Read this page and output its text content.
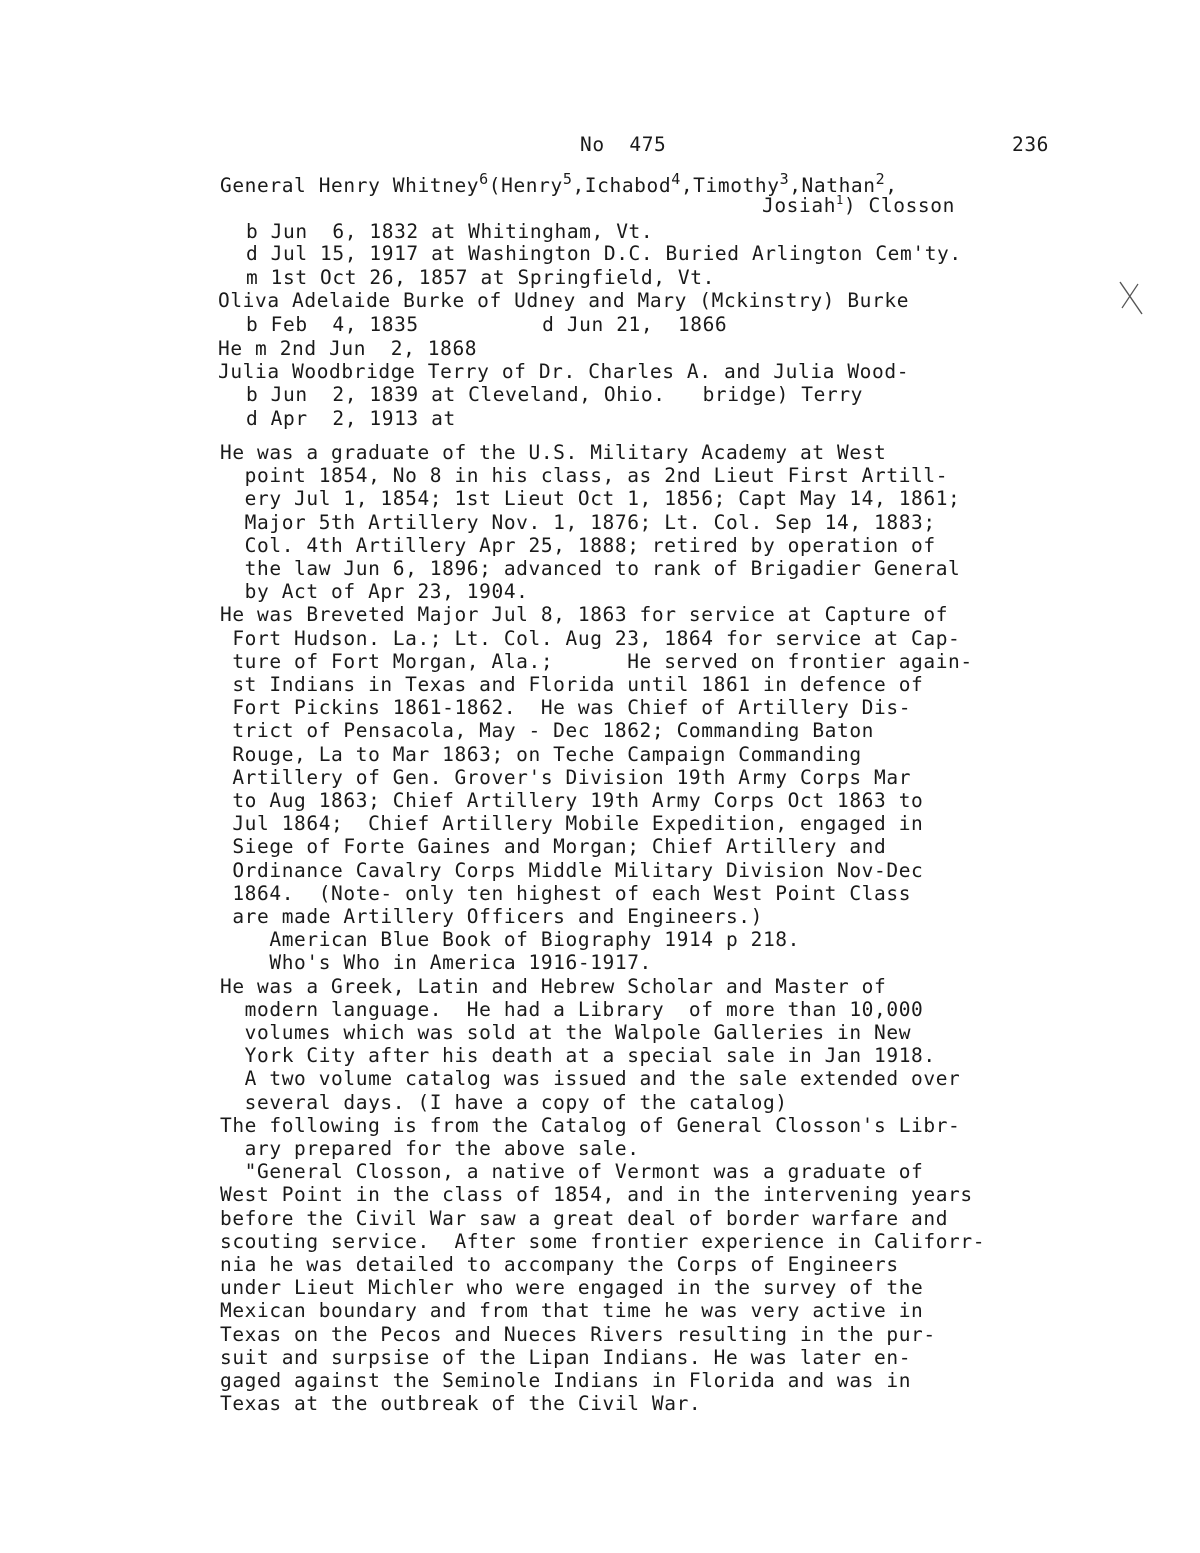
No  475	236
General Henry Whitney$^6$(Henry$^5$,Ichabod$^4$,Timothy$^3$,Nathan$^2$,
Josiah$^1$) Closson
b Jun  6, 1832 at Whitingham, Vt.
d Jul 15, 1917 at Washington D.C. Buried Arlington Cem'ty.
m 1st Oct 26, 1857 at Springfield, Vt.
Oliva Adelaide Burke of Udney and Mary (Mckinstry) Burke
b Feb  4, 1835          d Jun 21,  1866
He m 2nd Jun  2, 1868
Julia Woodbridge Terry of Dr. Charles A. and Julia Wood-
b Jun  2, 1839 at Cleveland, Ohio.   bridge) Terry
d Apr  2, 1913 at
He was a graduate of the U.S. Military Academy at West
point 1854, No 8 in his class, as 2nd Lieut First Artill-
ery Jul 1, 1854; 1st Lieut Oct 1, 1856; Capt May 14, 1861;
Major 5th Artillery Nov. 1, 1876; Lt. Col. Sep 14, 1883;
Col. 4th Artillery Apr 25, 1888; retired by operation of
the law Jun 6, 1896; advanced to rank of Brigadier General
by Act of Apr 23, 1904.
He was Breveted Major Jul 8, 1863 for service at Capture of
Fort Hudson. La.; Lt. Col. Aug 23, 1864 for service at Cap-
ture of Fort Morgan, Ala.;      He served on frontier again-
st Indians in Texas and Florida until 1861 in defence of
Fort Pickins 1861-1862.  He was Chief of Artillery Dis-
trict of Pensacola, May - Dec 1862; Commanding Baton
Rouge, La to Mar 1863; on Teche Campaign Commanding
Artillery of Gen. Grover's Division 19th Army Corps Mar
to Aug 1863; Chief Artillery 19th Army Corps Oct 1863 to
Jul 1864;  Chief Artillery Mobile Expedition, engaged in
Siege of Forte Gaines and Morgan; Chief Artillery and
Ordinance Cavalry Corps Middle Military Division Nov-Dec
1864.  (Note- only ten highest of each West Point Class
are made Artillery Officers and Engineers.)
American Blue Book of Biography 1914 p 218.
Who's Who in America 1916-1917.
He was a Greek, Latin and Hebrew Scholar and Master of
modern language.  He had a Library  of more than 10,000
volumes which was sold at the Walpole Galleries in New
York City after his death at a special sale in Jan 1918.
A two volume catalog was issued and the sale extended over
several days. (I have a copy of the catalog)
The following is from the Catalog of General Closson's Libr-
ary prepared for the above sale.
"General Closson, a native of Vermont was a graduate of
West Point in the class of 1854, and in the intervening years
before the Civil War saw a great deal of border warfare and
scouting service.  After some frontier experience in Califorr-
nia he was detailed to accompany the Corps of Engineers
under Lieut Michler who were engaged in the survey of the
Mexican boundary and from that time he was very active in
Texas on the Pecos and Nueces Rivers resulting in the pur-
suit and surpsise of the Lipan Indians. He was later en-
gaged against the Seminole Indians in Florida and was in
Texas at the outbreak of the Civil War.
